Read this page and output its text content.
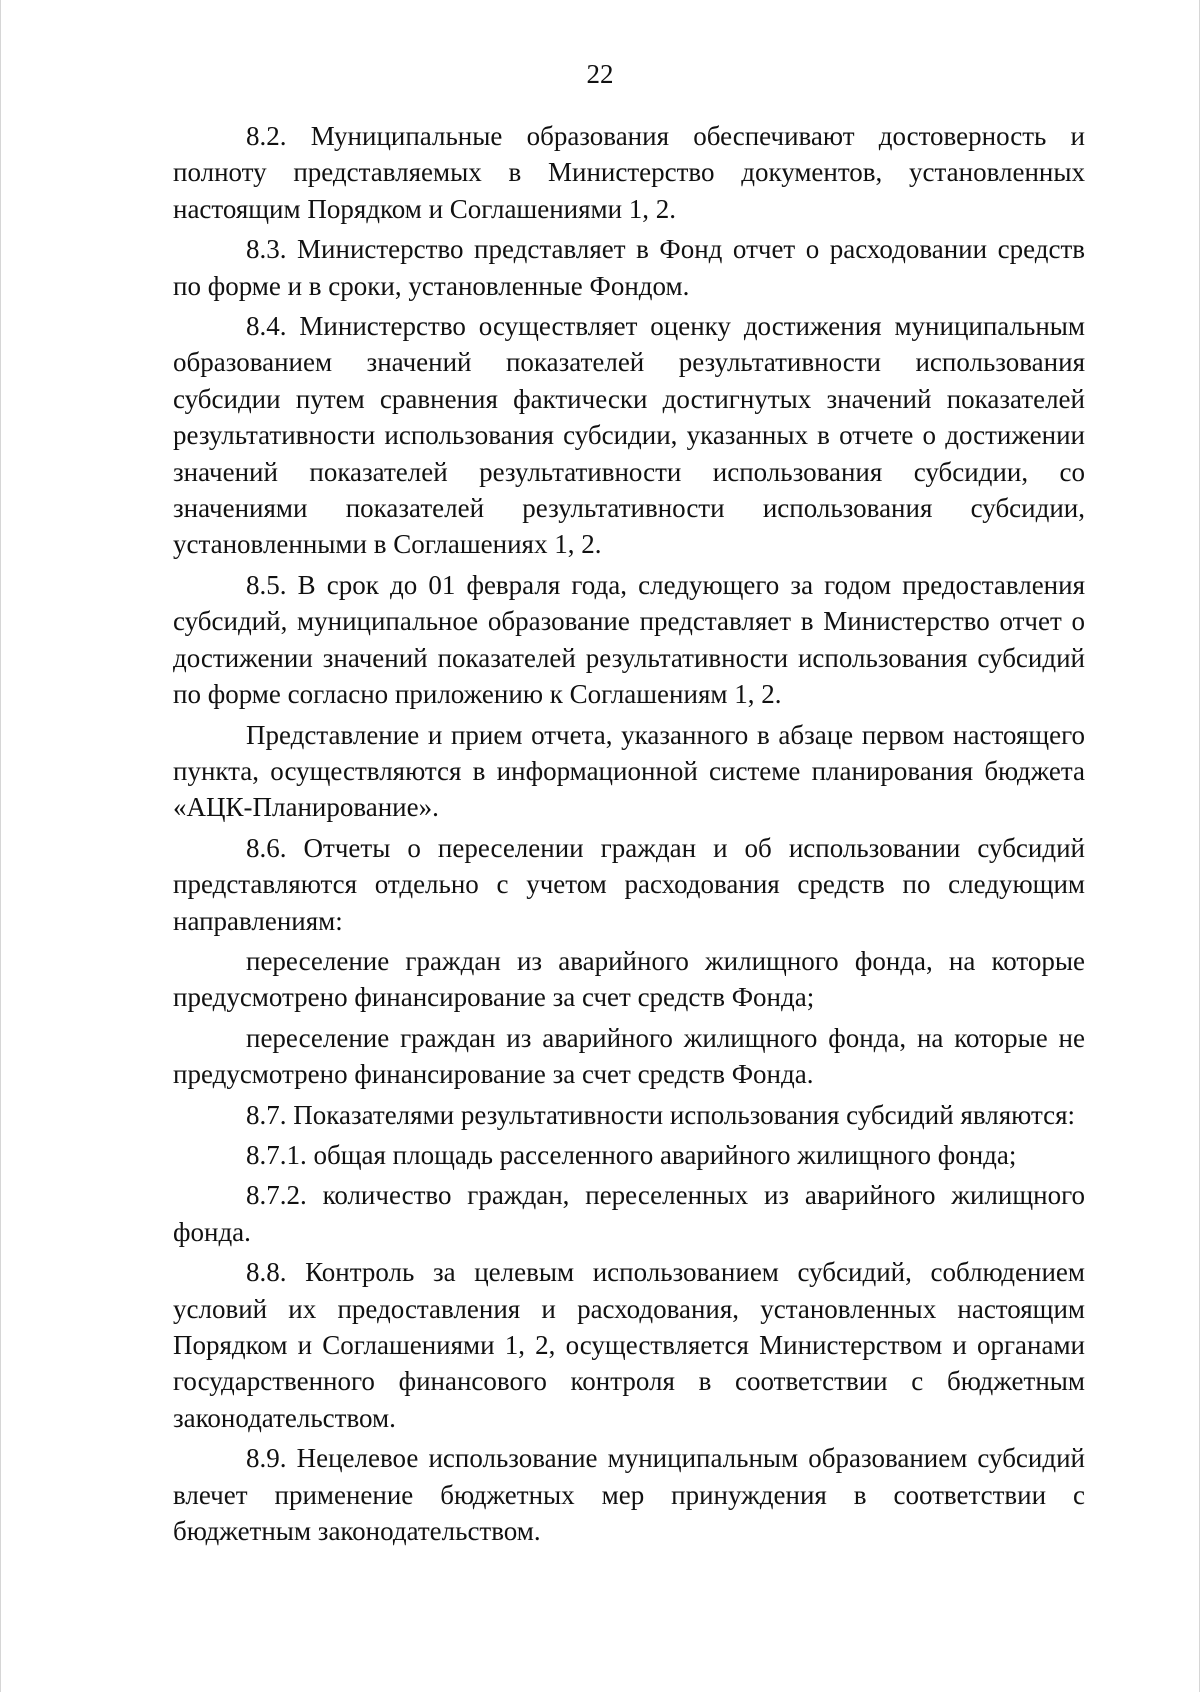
22

8.2. Муниципальные образования обеспечивают достоверность и полноту представляемых в Министерство документов, установленных настоящим Порядком и Соглашениями 1, 2.

8.3. Министерство представляет в Фонд отчет о расходовании средств по форме и в сроки, установленные Фондом.

8.4. Министерство осуществляет оценку достижения муниципальным образованием значений показателей результативности использования субсидии путем сравнения фактически достигнутых значений показателей результативности использования субсидии, указанных в отчете о достижении значений показателей результативности использования субсидии, со значениями показателей результативности использования субсидии, установленными в Соглашениях 1, 2.

8.5. В срок до 01 февраля года, следующего за годом предоставления субсидий, муниципальное образование представляет в Министерство отчет о достижении значений показателей результативности использования субсидий по форме согласно приложению к Соглашениям 1, 2.

Представление и прием отчета, указанного в абзаце первом настоящего пункта, осуществляются в информационной системе планирования бюджета «АЦК-Планирование».

8.6. Отчеты о переселении граждан и об использовании субсидий представляются отдельно с учетом расходования средств по следующим направлениям:

переселение граждан из аварийного жилищного фонда, на которые предусмотрено финансирование за счет средств Фонда;

переселение граждан из аварийного жилищного фонда, на которые не предусмотрено финансирование за счет средств Фонда.

8.7. Показателями результативности использования субсидий являются:

8.7.1. общая площадь расселенного аварийного жилищного фонда;

8.7.2. количество граждан, переселенных из аварийного жилищного фонда.

8.8. Контроль за целевым использованием субсидий, соблюдением условий их предоставления и расходования, установленных настоящим Порядком и Соглашениями 1, 2, осуществляется Министерством и органами государственного финансового контроля в соответствии с бюджетным законодательством.

8.9. Нецелевое использование муниципальным образованием субсидий влечет применение бюджетных мер принуждения в соответствии с бюджетным законодательством.
